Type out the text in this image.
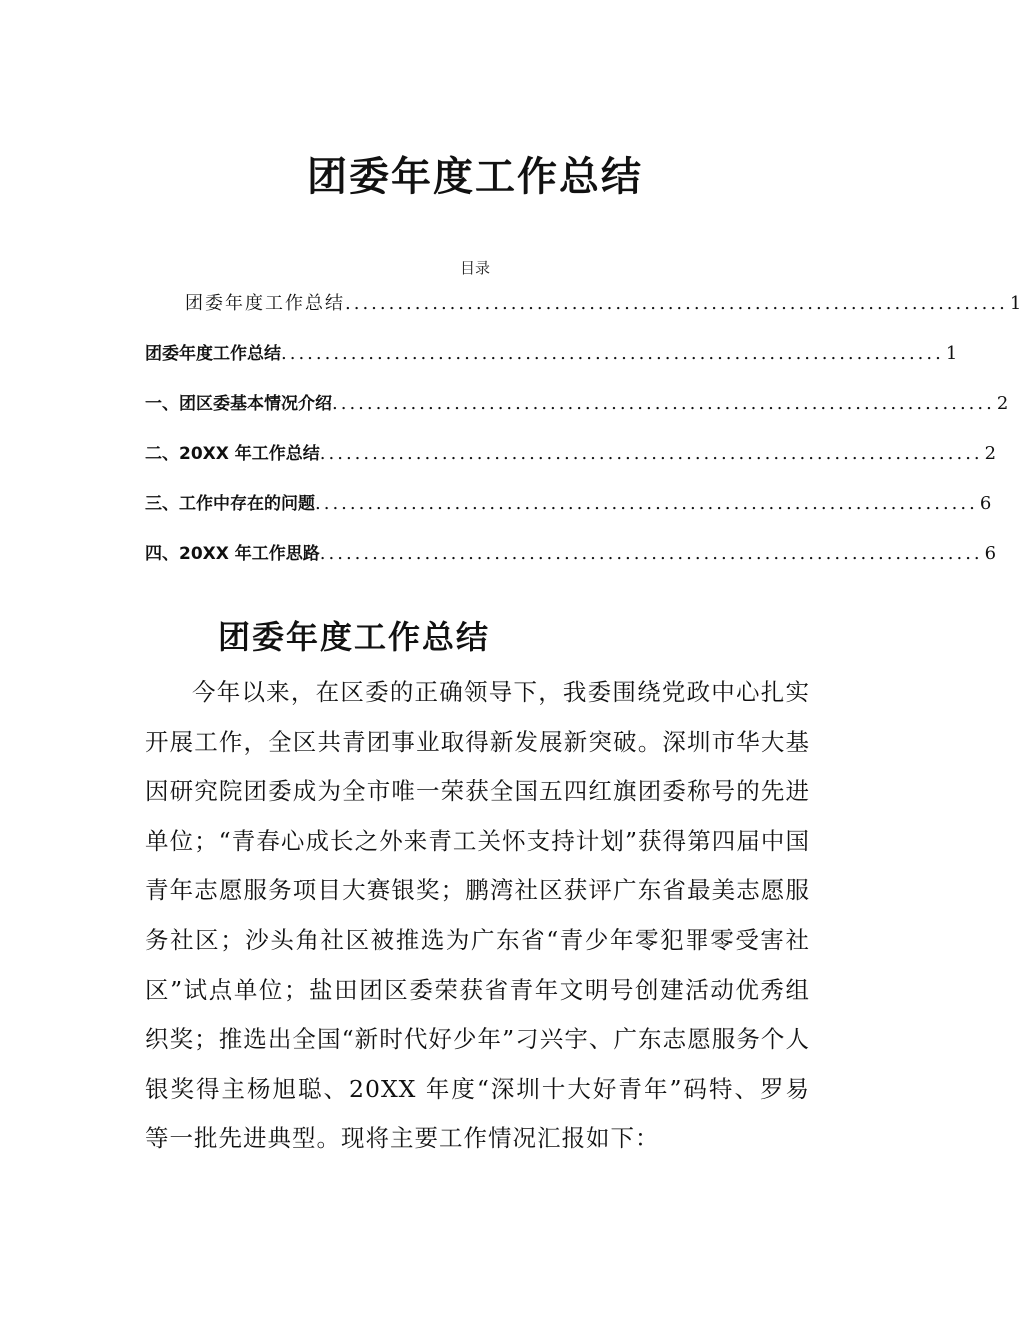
团委年度工作总结

目录

团委年度工作总结 ............................................................................ 1
团委年度工作总结 ............................................................................ 1
一、团区委基本情况介绍 ............................................................................ 2
二、20XX 年工作总结 ............................................................................ 2
三、工作中存在的问题 ............................................................................ 6
四、20XX 年工作思路 ............................................................................ 6
团委年度工作总结

今年以来，在区委的正确领导下，我委围绕党政中心扎实开展工作，全区共青团事业取得新发展新突破。深圳市华大基因研究院团委成为全市唯一荣获全国五四红旗团委称号的先进单位；“青春心成长之外来青工关怀支持计划”获得第四届中国青年志愿服务项目大赛银奖；鹏湾社区获评广东省最美志愿服务社区；沙头角社区被推选为广东省“青少年零犯罪零受害社区”试点单位；盐田团区委荣获省青年文明号创建活动优秀组织奖；推选出全国“新时代好少年”刁兴宇、广东志愿服务个人银奖得主杨旭聪、20XX 年度“深圳十大好青年”码特、罗易等一批先进典型。现将主要工作情况汇报如下：
